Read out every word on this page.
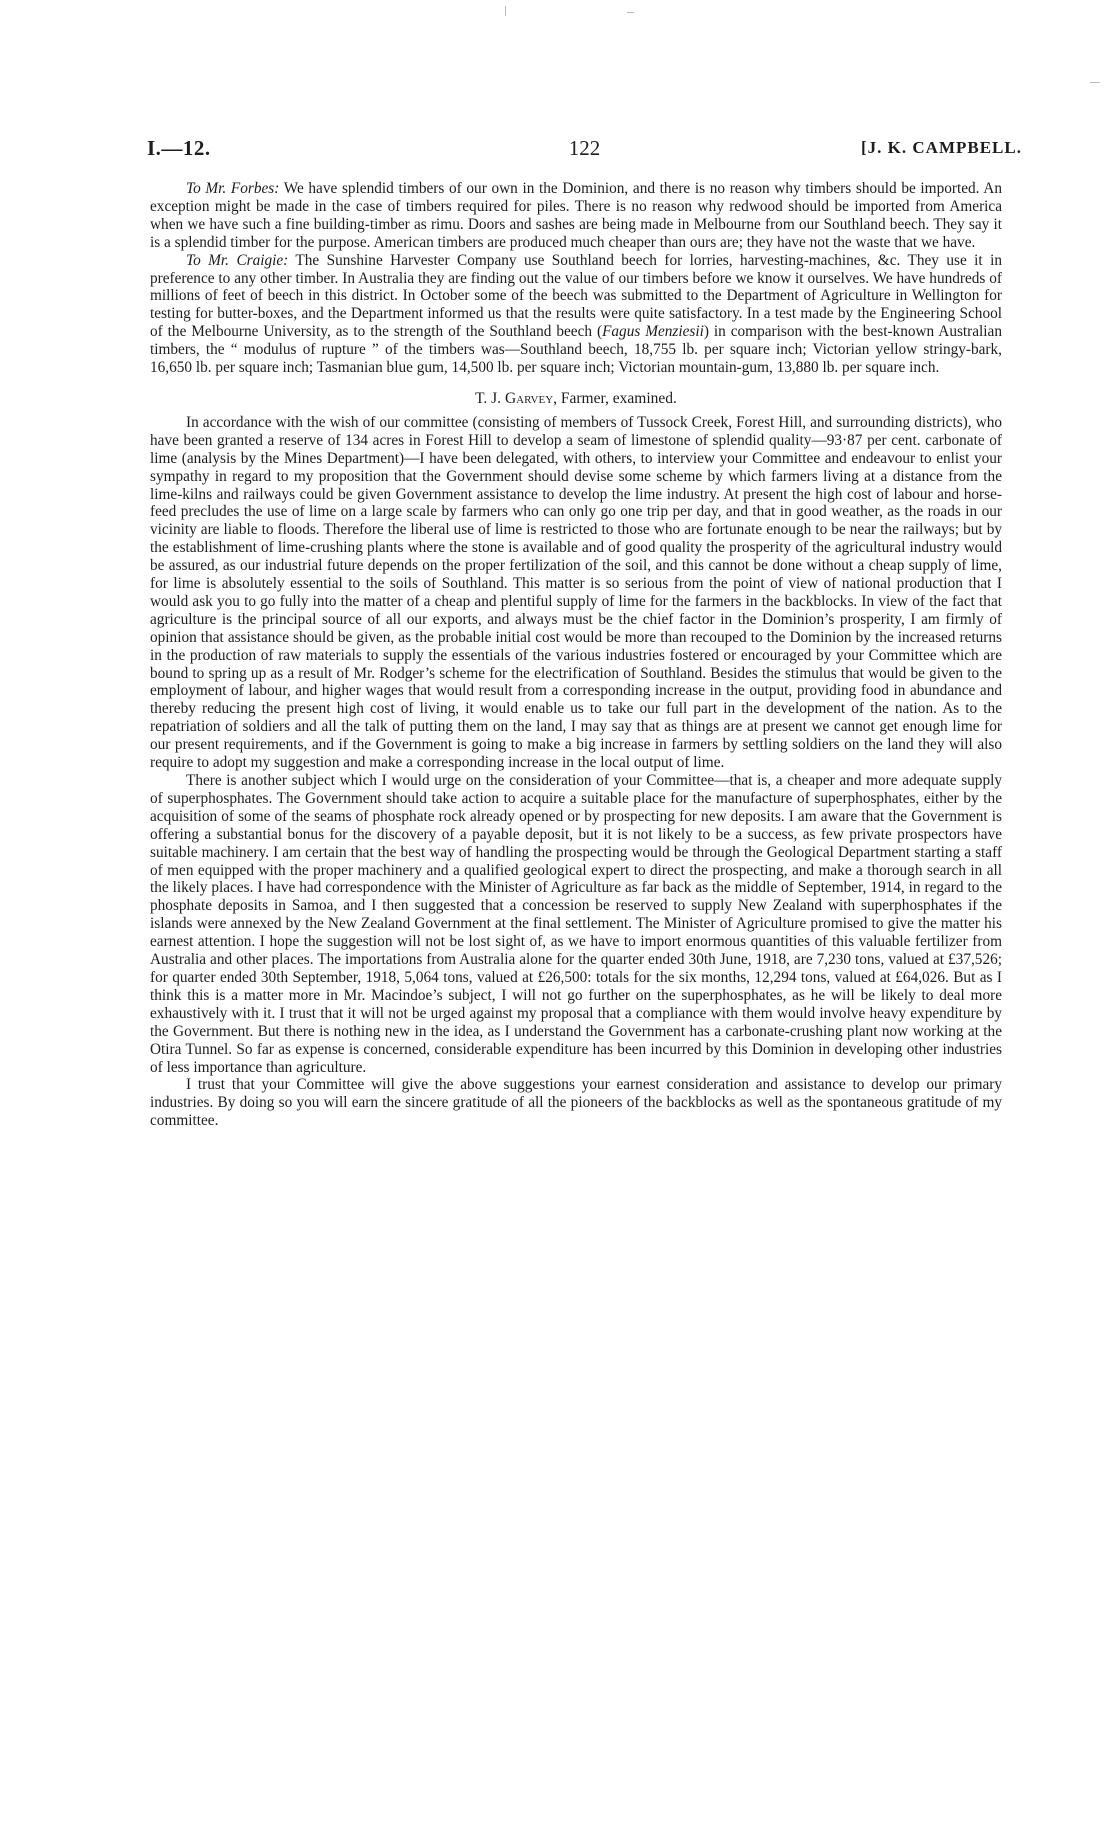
I.—12.	122	[J. K. CAMPBELL.

To Mr. Forbes: We have splendid timbers of our own in the Dominion, and there is no reason why timbers should be imported. An exception might be made in the case of timbers required for piles. There is no reason why redwood should be imported from America when we have such a fine building-timber as rimu. Doors and sashes are being made in Melbourne from our Southland beech. They say it is a splendid timber for the purpose. American timbers are produced much cheaper than ours are; they have not the waste that we have.

To Mr. Craigie: The Sunshine Harvester Company use Southland beech for lorries, harvesting-machines, &c. They use it in preference to any other timber. In Australia they are finding out the value of our timbers before we know it ourselves. We have hundreds of millions of feet of beech in this district. In October some of the beech was submitted to the Department of Agriculture in Wellington for testing for butter-boxes, and the Department informed us that the results were quite satisfactory. In a test made by the Engineering School of the Melbourne University, as to the strength of the Southland beech (Fagus Menziesii) in comparison with the best-known Australian timbers, the “ modulus of rupture ” of the timbers was—Southland beech, 18,755 lb. per square inch; Victorian yellow stringy-bark, 16,650 lb. per square inch; Tasmanian blue gum, 14,500 lb. per square inch; Victorian mountain-gum, 13,880 lb. per square inch.

T. J. Garvey, Farmer, examined.

In accordance with the wish of our committee (consisting of members of Tussock Creek, Forest Hill, and surrounding districts), who have been granted a reserve of 134 acres in Forest Hill to develop a seam of limestone of splendid quality—93·87 per cent. carbonate of lime (analysis by the Mines Department)—I have been delegated, with others, to interview your Committee and endeavour to enlist your sympathy in regard to my proposition that the Government should devise some scheme by which farmers living at a distance from the lime-kilns and railways could be given Government assistance to develop the lime industry. At present the high cost of labour and horse-feed precludes the use of lime on a large scale by farmers who can only go one trip per day, and that in good weather, as the roads in our vicinity are liable to floods. Therefore the liberal use of lime is restricted to those who are fortunate enough to be near the railways; but by the establishment of lime-crushing plants where the stone is available and of good quality the prosperity of the agricultural industry would be assured, as our industrial future depends on the proper fertilization of the soil, and this cannot be done without a cheap supply of lime, for lime is absolutely essential to the soils of Southland. This matter is so serious from the point of view of national production that I would ask you to go fully into the matter of a cheap and plentiful supply of lime for the farmers in the backblocks. In view of the fact that agriculture is the principal source of all our exports, and always must be the chief factor in the Dominion’s prosperity, I am firmly of opinion that assistance should be given, as the probable initial cost would be more than recouped to the Dominion by the increased returns in the production of raw materials to supply the essentials of the various industries fostered or encouraged by your Committee which are bound to spring up as a result of Mr. Rodger’s scheme for the electrification of Southland. Besides the stimulus that would be given to the employment of labour, and higher wages that would result from a corresponding increase in the output, providing food in abundance and thereby reducing the present high cost of living, it would enable us to take our full part in the development of the nation. As to the repatriation of soldiers and all the talk of putting them on the land, I may say that as things are at present we cannot get enough lime for our present requirements, and if the Government is going to make a big increase in farmers by settling soldiers on the land they will also require to adopt my suggestion and make a corresponding increase in the local output of lime.

There is another subject which I would urge on the consideration of your Committee—that is, a cheaper and more adequate supply of superphosphates. The Government should take action to acquire a suitable place for the manufacture of superphosphates, either by the acquisition of some of the seams of phosphate rock already opened or by prospecting for new deposits. I am aware that the Government is offering a substantial bonus for the discovery of a payable deposit, but it is not likely to be a success, as few private prospectors have suitable machinery. I am certain that the best way of handling the prospecting would be through the Geological Department starting a staff of men equipped with the proper machinery and a qualified geological expert to direct the prospecting, and make a thorough search in all the likely places. I have had correspondence with the Minister of Agriculture as far back as the middle of September, 1914, in regard to the phosphate deposits in Samoa, and I then suggested that a concession be reserved to supply New Zealand with superphosphates if the islands were annexed by the New Zealand Government at the final settlement. The Minister of Agriculture promised to give the matter his earnest attention. I hope the suggestion will not be lost sight of, as we have to import enormous quantities of this valuable fertilizer from Australia and other places. The importations from Australia alone for the quarter ended 30th June, 1918, are 7,230 tons, valued at £37,526; for quarter ended 30th September, 1918, 5,064 tons, valued at £26,500: totals for the six months, 12,294 tons, valued at £64,026. But as I think this is a matter more in Mr. Macindoe’s subject, I will not go further on the superphosphates, as he will be likely to deal more exhaustively with it. I trust that it will not be urged against my proposal that a compliance with them would involve heavy expenditure by the Government. But there is nothing new in the idea, as I understand the Government has a carbonate-crushing plant now working at the Otira Tunnel. So far as expense is concerned, considerable expenditure has been incurred by this Dominion in developing other industries of less importance than agriculture.

I trust that your Committee will give the above suggestions your earnest consideration and assistance to develop our primary industries. By doing so you will earn the sincere gratitude of all the pioneers of the backblocks as well as the spontaneous gratitude of my committee.
